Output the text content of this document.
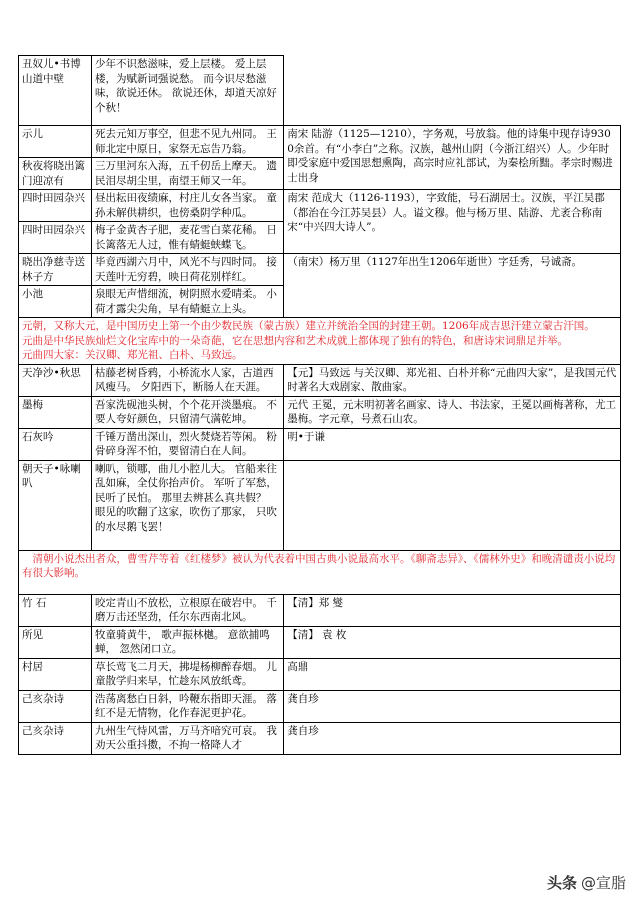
丑奴儿•书博山道中壁	少年不识愁滋味，爱上层楼。 爱上层楼，为赋新词强说愁。 而今识尽愁滋味，欲说还休。 欲说还休，却道天凉好个秋！	
示儿	死去元知万事空，但悲不见九州同。 王师北定中原日，家祭无忘告乃翁。	南宋 陆游（1125—1210），字务观，号放翁。他的诗集中现存诗9300余首。有“小李白”之称。汉族，越州山阴（今浙江绍兴）人。少年时即受家庭中爱国思想熏陶，高宗时应礼部试，为秦桧所黜。孝宗时赐进士出身
秋夜将晓出篱门迎凉有	三万里河东入海，五千仞岳上摩天。 遗民泪尽胡尘里，南望王师又一年。	
四时田园杂兴	昼出耘田夜绩麻，村庄儿女各当家。 童孙未解供耕织，也傍桑阴学种瓜。	南宋 范成大（1126-1193），字致能，号石湖居士。汉族，平江吴郡（都治在今江苏吴县）人。谥文穆。他与杨万里、陆游、尤袤合称南宋“中兴四大诗人”。
四时田园杂兴	梅子金黄杏子肥，麦花雪白菜花稀。 日长篱落无人过，惟有蜻蜓蛱蝶飞。	
晓出净慈寺送林子方	毕竟西湖六月中，风光不与四时同。 接天莲叶无穷碧，映日荷花别样红。	（南宋）杨万里（1127年出生1206年逝世）字廷秀，号诚斋。
小池	泉眼无声惜细流，树阴照水爱晴柔。 小荷才露尖尖角，早有蜻蜓立上头。	

元朝，又称大元，是中国历史上第一个由少数民族（蒙古族）建立并统治全国的封建王朝。1206年成吉思汗建立蒙古汗国。

元曲是中华民族灿烂文化宝库中的一朵奇葩，它在思想内容和艺术成就上都体现了独有的特色，和唐诗宋词鼎足并举。

元曲四大家：关汉卿、郑光祖、白朴、马致远。		

天净沙•秋思	枯藤老树昏鸦，小桥流水人家，古道西风瘦马。 夕阳西下，断肠人在天涯。	【元】马致远 与关汉卿、郑光祖、白朴并称“元曲四大家”，是我国元代时著名大戏剧家、散曲家。
墨梅	吾家洗砚池头树，个个花开淡墨痕。 不要人夸好颜色，只留清气满乾坤。	元代 王冕，元末明初著名画家、诗人、书法家，王冕以画梅著称，尤工墨梅。字元章，号煮石山农。
石灰吟	千锤万凿出深山，烈火焚烧若等闲。 粉骨碎身浑不怕，要留清白在人间。	明•于谦
朝天子•咏喇叭	喇叭，锁哪，曲儿小腔儿大。 官船来往乱如麻，全仗你抬声价。 军听了军愁，民听了民怕。 那里去辨甚么真共假？ 眼见的吹翻了这家，吹伤了那家， 只吹的水尽鹅飞罢！	
清朝小说杰出者众，曹雪芹等着《红楼梦》被认为代表着中国古典小说最高水平。《聊斋志异》、《儒林外史》和晚清谴责小说均有很大影响。		
竹 石	咬定青山不放松，立根原在破岩中。 千磨万击还坚劲，任尔东西南北风。	【清】郑 燮
所见	牧童骑黄牛， 歌声振林樾。 意欲捕鸣蝉， 忽然闭口立。	【清】 袁 枚
村居	草长莺飞二月天，拂堤杨柳醉春烟。 儿童散学归来早，忙趁东风放纸鸢。	高鼎
己亥杂诗	浩荡离愁白日斜，吟鞭东指即天涯。 落红不是无情物，化作春泥更护花。	龚自珍
己亥杂诗	九州生气恃风雷，万马齐喑究可哀。 我劝天公重抖擞，不拘一格降人才	龚自珍
头条 @宣脂
